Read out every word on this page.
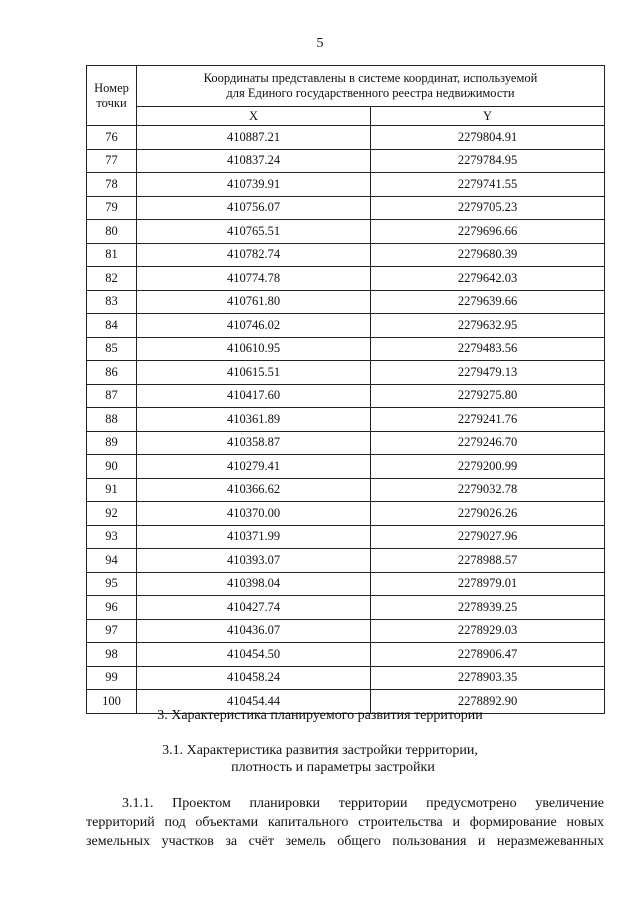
5
Номер точки	Координаты представлены в системе координат, используемой
для Единого государственного реестра недвижимости	

	X	Y
76	410887.21	2279804.91
77	410837.24	2279784.95
78	410739.91	2279741.55
79	410756.07	2279705.23
80	410765.51	2279696.66
81	410782.74	2279680.39
82	410774.78	2279642.03
83	410761.80	2279639.66
84	410746.02	2279632.95
85	410610.95	2279483.56
86	410615.51	2279479.13
87	410417.60	2279275.80
88	410361.89	2279241.76
89	410358.87	2279246.70
90	410279.41	2279200.99
91	410366.62	2279032.78
92	410370.00	2279026.26
93	410371.99	2279027.96
94	410393.07	2278988.57
95	410398.04	2278979.01
96	410427.74	2278939.25
97	410436.07	2278929.03
98	410454.50	2278906.47
99	410458.24	2278903.35
100	410454.44	2278892.90
3. Характеристика планируемого развития территории
3.1. Характеристика развития застройки территории,
плотность и параметры застройки
3.1.1. Проектом планировки территории предусмотрено увеличение
территорий под объектами капитального строительства и формирование новых
земельных участков за счёт земель общего пользования и неразмежеванных
